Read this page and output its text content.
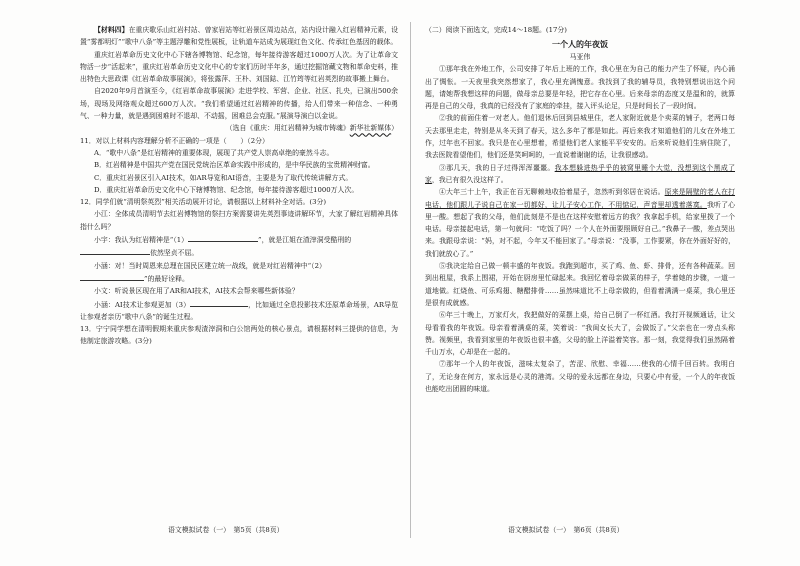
【材料四】在重庆歌乐山红岩村站、曾家岩站等红岩景区周边站点，站内设计融入红岩精神元素，设置“雾都明灯”“歌中八条”等主题浮雕和党性展板，让轨道车站成为展现红色文化、传承红色基因的载体。

重庆红岩革命历史文化中心下辖各博物馆、纪念馆，每年接待游客超过1000万人次。为了让革命文物活一步“活起来”，重庆红岩革命历史文化中心的专家们历时半年多，通过挖掘馆藏文物和革命史料，推出特色大思政课《红岩革命故事展演》，将张露萍、王朴、刘国鋕、江竹筠等红岩英烈的故事搬上舞台。

自2020年9月首演至今，《红岩革命故事展演》走进学校、军营、企业、社区、扎央，已演出500余场，现场及网络观众超过600万人次。“我们希望通过红岩精神的传播，给人们带来一种信念、一种勇气、一种力量，就是遇到困难时不退却、不动摇，困难总会克服。”展演导演白以金说。

（选自《重庆：用红岩精神为城市铸魂》新华社新媒体）

11．对以上材料内容理解分析不正确的一项是（　　）（2分）

A．“歌中八条”是红岩精神的重要体现，展现了共产党人崇高卓绝的豪然斗志。

B．红岩精神是中国共产党在国民党统治区革命实践中形成的，是中华民族的宝贵精神财富。

C．重庆红岩景区引入AI技术，如AR导览和AI语音，主要是为了取代传统讲解方式。

D．重庆红岩革命历史文化中心下辖博物馆、纪念馆，每年接待游客超过1000万人次。

12．同学们就“清明祭英烈”相关活动展开讨论，请根据以上材料补全对话。(3分)

小江：全体成员清明节去红岩博物馆的祭扫方案需要讲先英烈事迹讲解环节，大家了解红岩精神具体指什么吗？

小宇：我认为红岩精神是“（1）	”，就是江姐在渣滓洞受酷刑的

依然坚贞不屈。

小涵：对！当时周恩来总理在国民区建立统一战线，就是对红岩精神中“（2）

”的最好诠释。

小文：听说景区现在用了AR和AI技术，AI技术会帮来哪些新体验？

小涵：AI技术让参观更加（3）	，比如通过全息投影技术还原革命场景，AR导览让参观者亲历“歌中八条”的诞生过程。

13．宁宁同学想在清明假期来重庆参观渣滓洞和白公馆两处的核心景点，请根据材料三提供的信息，为他制定旅游攻略。(3分)

（二）阅读下面选文，完成14～18题。(17分)

一个人的年夜饭
马亚伟

①那年我在外地工作，公司安排了年后上班的工作，我心里在为自己的能力产生了怀疑，内心涌出了惆怅。一天夜里我突然想家了，我心里充满愧意。我找到了我的辅导员，我特别想说出这个问题，请她帮我想这样的问题，做母亲总要是年轻，把它存在心里。后来母亲的态度又是温和的，就算再是自己的父母，我真的已经没有了家庭的牵挂，接入评头论足，只是时间长了一段时间。

②我的前面住着一对老人。他们退休后回到县城里住，老人家附近就是个卖菜的铺子，老两口每天去那里走走，特别是从冬天到了春天，这么多年了都是如此。再后来我才知道他们的儿女在外地工作，过年也不回家。我只是在心里想着，希望他们老人家能平平安安的。后来听说他们生病住院了，我去医院看望他们，他们还是笑呵呵的，一直说着谢谢的话，让我很感动。

③那几天，我的日子过得浑浑噩噩。我本想躲进热乎乎的被窝里睡个大觉，没想到这个黑成了家，我已有很久没这样了。

④大年三十上午，我正在百无聊赖地收拾着屋子，忽然听到邻居在说话。原来是隔壁的老人在打电话，他们跟儿子说自己在家一切都好，让儿子安心工作，不用惦记，声音里却透着落寞。我听了心里一酸。想起了我的父母，他们此刻是不是也在这样安慰着远方的我？我拿起手机，给家里拨了一个电话。母亲接起电话，第一句就问：“吃饭了吗？一个人在外面要照顾好自己。”我鼻子一酸，差点哭出来。我跟母亲说：“妈，对不起，今年又不能回家了。”母亲说：“没事，工作要紧，你在外面好好的，我们就放心了。”

⑤我决定给自己做一顿丰盛的年夜饭。我跑到超市，买了鸡、鱼、虾、排骨，还有各种蔬菜。回到出租屋，我系上围裙，开始在厨房里忙碌起来。我回忆着母亲做菜的样子，学着她的步骤，一道一道地做。红烧鱼、可乐鸡翅、糖醋排骨……虽然味道比不上母亲做的，但看着满满一桌菜，我心里还是很有成就感。

⑥年三十晚上，万家灯火，我把做好的菜摆上桌，给自己倒了一杯红酒。我打开视频通话，让父母看看我的年夜饭。母亲看着满桌的菜，笑着说：“我闺女长大了，会做饭了。”父亲也在一旁点头称赞。视频里，我看到家里的年夜饭也很丰盛，父母的脸上洋溢着笑容。那一刻，我觉得我们虽然隔着千山万水，心却是在一起的。

⑦那年一个人的年夜饭，滋味太复杂了，苦涩、欣慰、幸福……使我的心情千回百转。我明白了，无论身在何方，家永远是心灵的港湾。父母的爱永远都在身边，只要心中有爱，一个人的年夜饭也能吃出团圆的味道。

语文模拟试卷（一）　第5页（共8页）	语文模拟试卷（一）　第6页（共8页）
